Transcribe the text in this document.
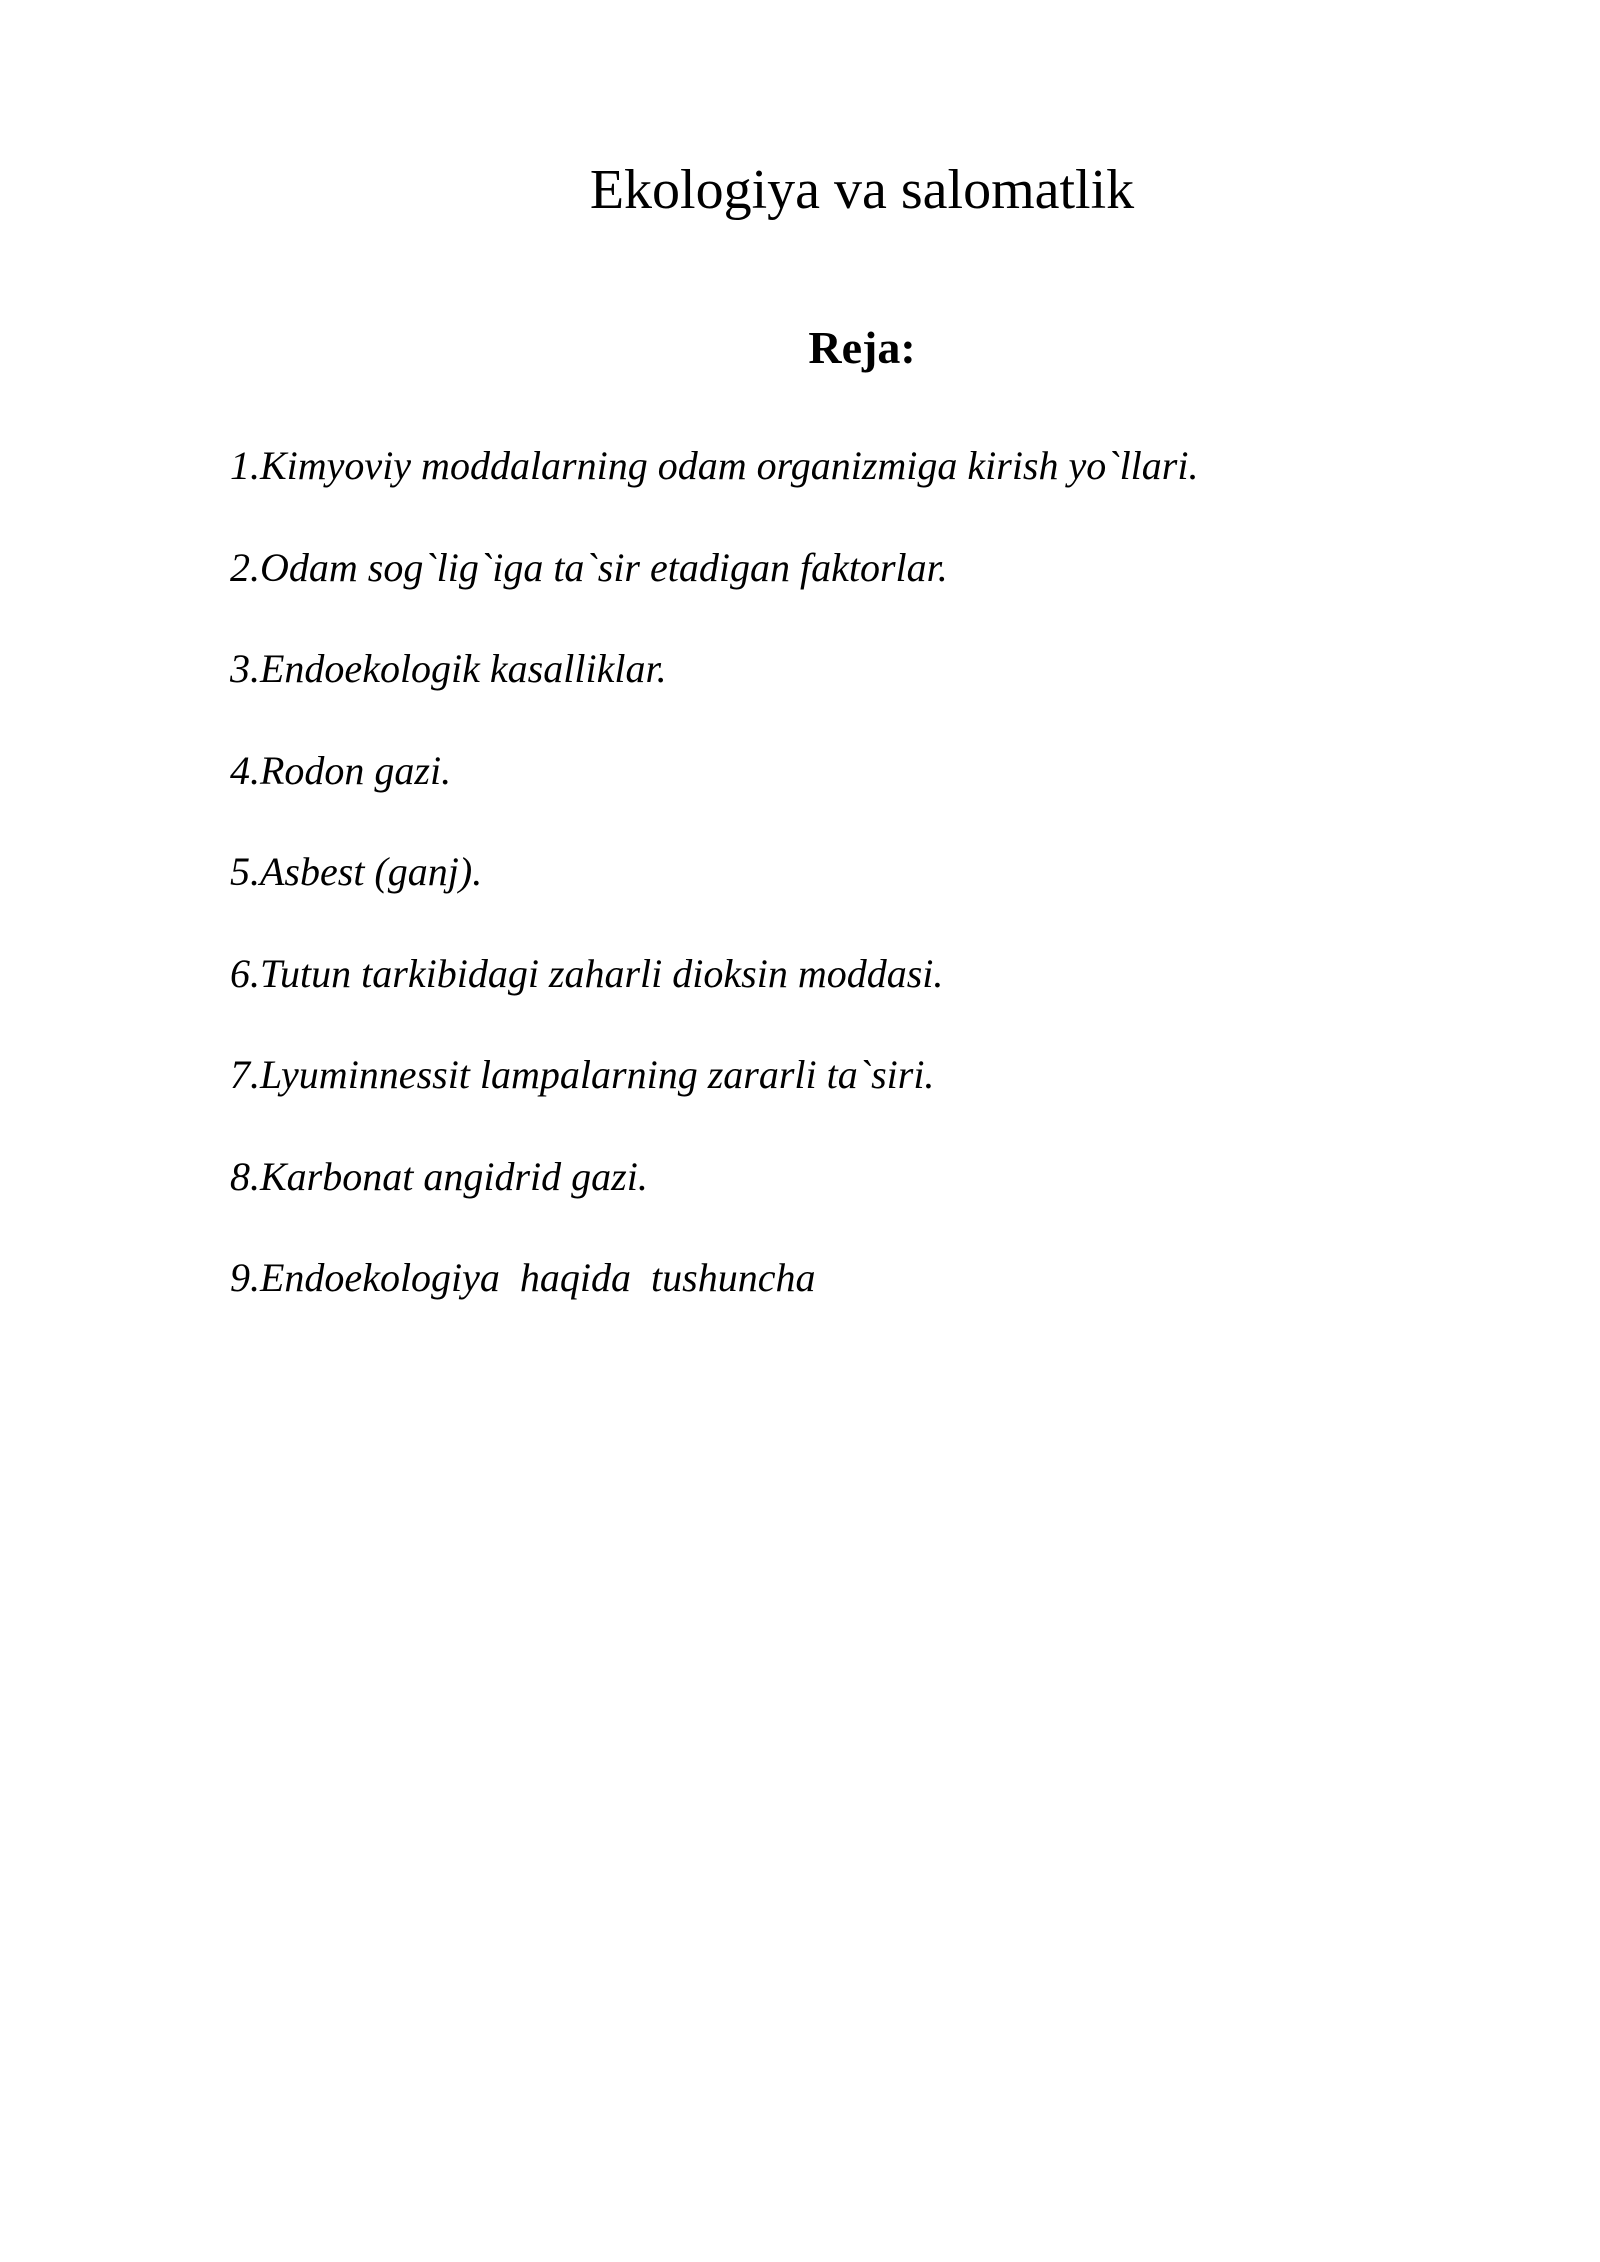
Ekologiya va salomatlik
Reja:
1.Kimyoviy moddalarning odam organizmiga kirish yo`llari.
2.Odam sog`lig`iga ta`sir etadigan faktorlar.
3.Endoekologik kasalliklar.
4.Rodon gazi.
5.Asbest (ganj).
6.Tutun tarkibidagi zaharli dioksin moddasi.
7.Lyuminnessit lampalarning zararli ta`siri.
8.Karbonat angidrid gazi.
9.Endoekologiya  haqida  tushuncha
